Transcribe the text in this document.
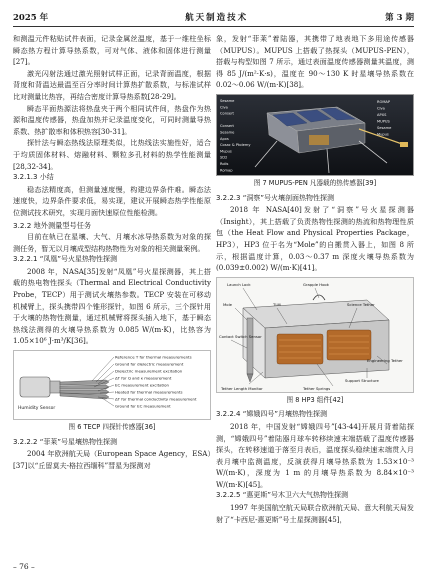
2025 年	航天制造技术	第 3 期

和测温元件粘贴试件表面，记录金属丝温度，基于一维柱坐标瞬态热方程计算导热系数，可对气体、液体和固体进行测量[27]。

激光闪射法通过激光照射试样正面，记录背面温度，根据背度和背温达最温至百分率时间计算热扩散系数，与标准试样比对测量比热容，再结合密度计算导热系数[28-29]。

瞬态平面热源法将热盘夹于两个相同试件间，热盘作为热源和温度传感器，热盘加热并记录温度变化，可同时测量导热系数、热扩散率和体积热容[30-31]。

探针法与瞬态热线法原理类似，比热线法实施性好，适合于均质固体材料、熔融材料、颗粒多孔材料的热学性能测量[28,32-34]。

3.2.1.3 小结

稳态法精度高，但测量速度慢，构建边界条件难。瞬态法速度快，边界条件要求低，易实现，建议开展瞬态热学性能原位测试技术研究，实现月面快速原位性能检测。

3.2.2 地外测量型号任务

目前在轨已在星壤、大气、月壤水冰导热系数为对象的探测任务，暂无以月壤成型结构热物性为对象的相关测量案例。

3.2.2.1 “凤凰”号火星热物性探测

2008 年，NASA[35]发射“凤凰”号火星探测器，其上搭载的热电物性探头（Thermal and Electrical Conductivity Probe，TECP）用于测试火壤热参数。TECP 安装在可移动机械臂上，探头携带四个锥形探针，如图 6 所示，三个探针用于火壤的热物性测量，通过机械臂将探头插入地下，基于瞬态热线法测得的火壤导热系数为 0.085 W/(m·K)，比热容为 1.05×10⁶ J·m³/K[36]。

Humidity Sensor
Reference T for thermal measurements
Ground for dielectric measurement
Dielectric measurement excitation
ΔT for Q and κ measurement
EC measurement excitation
Heated for thermal measurements
ΔT for thermal conductivity measurement
Ground for EC measurement

图 6 TECP 四探针传感器[36]

3.2.2.2 “菲莱”号星壤热物性探测

2004 年欧洲航天局（European Space Agency，ESA）[37]以“丘留莫夫-格拉西缅科”彗星为探测对

象，发射“菲莱”着陆器，其携带了地表地下多用途传感器（MUPUS）。MUPUS 上搭载了热探头（MUPUS-PEN），搭载与构型如图 7 所示，通过表面温度传感器测量其温度，测得 85 J/(m²·K·s)，温度在 90～130 K 时星壤导热系数在 0.02～0.06 W/(m·K)[38]。

Sesame
Civa
Consert
Consert
Sesame
Apxs
Cosac & Ptolemy
Mupus
SD2
Rolis
Romap
ROMAP
Civa
APXS
MUPUS
Sesame
Mupus

图 7 MUPUS-PEN 凡器载的热传感器[39]

3.2.2.3 “洞察”号火壤剖面热物性探测

2018 年 NASA[40]发射了“洞察”号火星探测器（Insight），其上搭载了负责热物性探测的热流和热物理性质包（the Heat Flow and Physical Properties Package，HP3），HP3 位于名为“Mole”的自搬贯入器上，如图 8 所示，根据温度计算，0.03～0.37 m 深度火壤导热系数为(0.039±0.002) W/(m·K)[41]。

Launch Lock	Grapple Hook
Mole	TLM	Science Tether
Contact Switch Sensor
Tether Length Monitor
Engineering Tether
Tether Springs
Support Structure

图 8 HP3 组件[42]

3.2.2.4 “嫦娥四号”月壤热物性探测

2018 年，中国发射“嫦娥四号”[43-44]开展月背着陆探测，“嫦娥四号”着陆器月球车转移续速末端搭载了温度传感器探头，在转移速道于落至月表后，温度探头稳续速末端贯入月表月壤中监测温度，反演获得月壤导热系数为 1.53×10⁻³ W/(m·K)，深度为 1 m 的月壤导热系数为 8.84×10⁻³ W/(m·K)[45]。

3.2.2.5 “惠更斯”号木卫六大气热物性探测

1997 年美国航空航天局联合欧洲航天局、意大利航天局发射了“卡西尼-惠更斯”号土星探测器[45]，

– 76 –
